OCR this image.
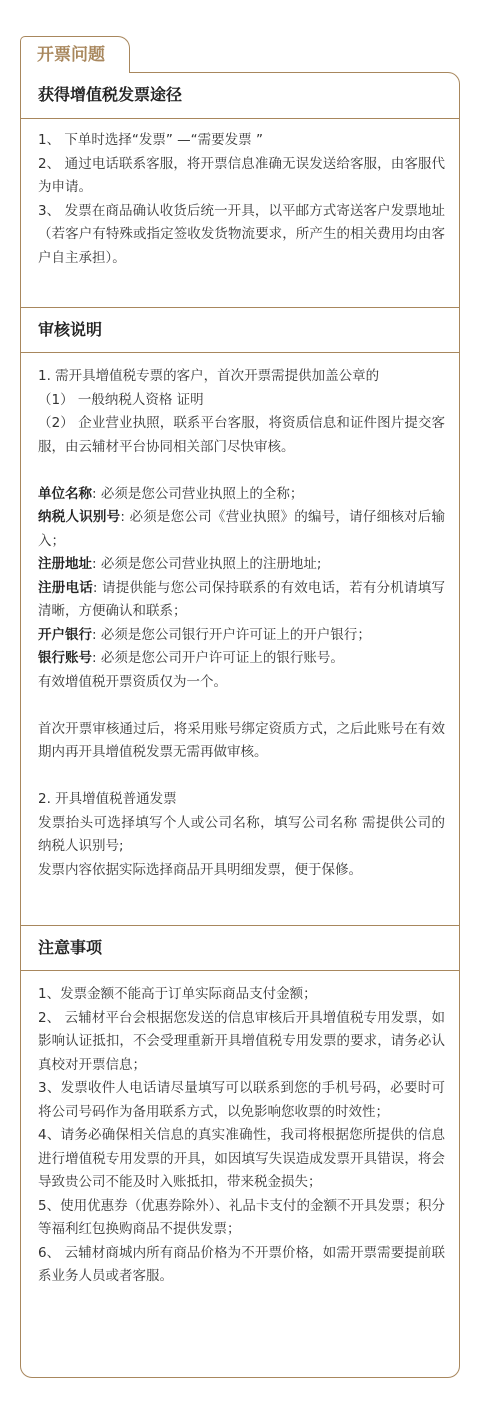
开票问题
获得增值税发票途径

1、 下单时选择“发票” —“需要发票 ”

2、 通过电话联系客服，将开票信息准确无误发送给客服，由客服代为申请。

3、 发票在商品确认收货后统一开具，以平邮方式寄送客户发票地址（若客户有特殊或指定签收发货物流要求，所产生的相关费用均由客户自主承担）。

审核说明

1. 需开具增值税专票的客户，首次开票需提供加盖公章的

（1） 一般纳税人资格 证明

（2） 企业营业执照，联系平台客服，将资质信息和证件图片提交客服，由云辅材平台协同相关部门尽快审核。

单位名称: 必须是您公司营业执照上的全称；

纳税人识别号: 必须是您公司《营业执照》的编号，请仔细核对后输入；

注册地址: 必须是您公司营业执照上的注册地址;

注册电话: 请提供能与您公司保持联系的有效电话，若有分机请填写清晰，方便确认和联系；

开户银行: 必须是您公司银行开户许可证上的开户银行；

银行账号: 必须是您公司开户许可证上的银行账号。

有效增值税开票资质仅为一个。

首次开票审核通过后，将采用账号绑定资质方式，之后此账号在有效期内再开具增值税发票无需再做审核。

2. 开具增值税普通发票

发票抬头可选择填写个人或公司名称，填写公司名称 需提供公司的纳税人识别号;

发票内容依据实际选择商品开具明细发票，便于保修。

注意事项

1、发票金额不能高于订单实际商品支付金额；

2、 云辅材平台会根据您发送的信息审核后开具增值税专用发票，如影响认证抵扣，不会受理重新开具增值税专用发票的要求，请务必认真校对开票信息；

3、发票收件人电话请尽量填写可以联系到您的手机号码，必要时可将公司号码作为备用联系方式，以免影响您收票的时效性；

4、请务必确保相关信息的真实准确性，我司将根据您所提供的信息进行增值税专用发票的开具，如因填写失误造成发票开具错误，将会导致贵公司不能及时入账抵扣，带来税金损失；

5、使用优惠券（优惠券除外）、礼品卡支付的金额不开具发票；积分等福利红包换购商品不提供发票；

6、 云辅材商城内所有商品价格为不开票价格，如需开票需要提前联系业务人员或者客服。
